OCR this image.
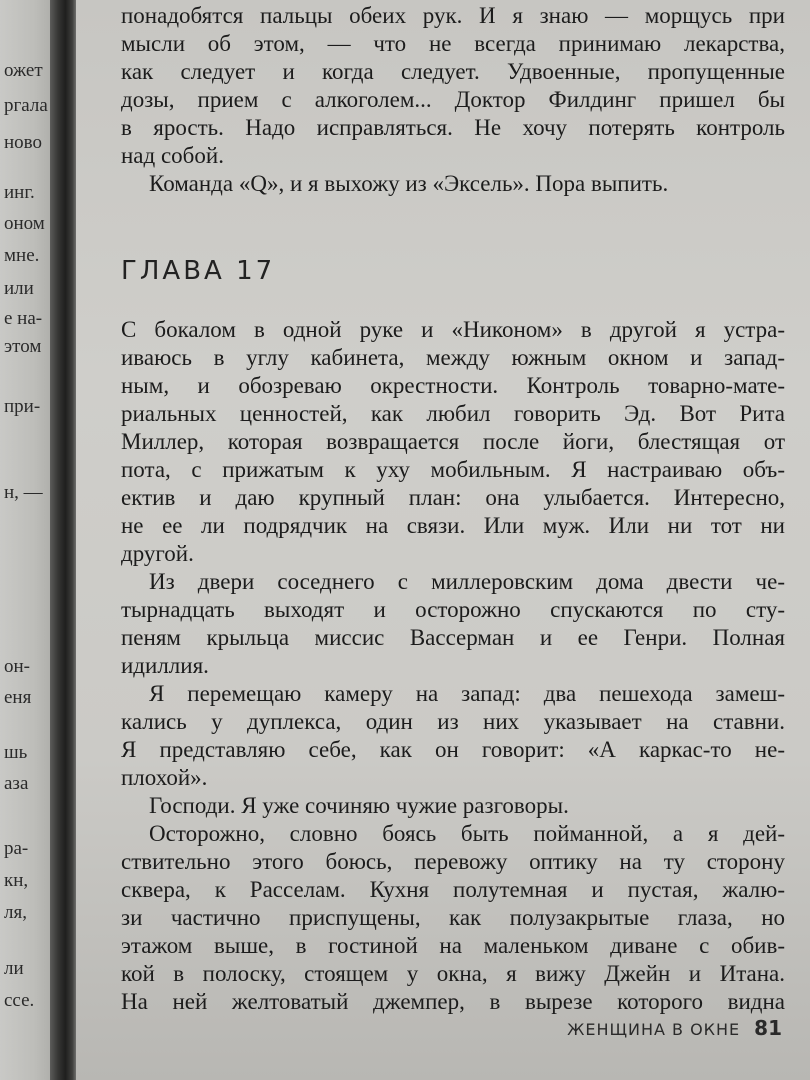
ожет
ргала
ново
инг.
оном
мне.
или
е на-
этом
при-
н, —
он-
еня
шь
аза
ра-
кн,
ля,
ли
ссе.
понадобятся пальцы обеих рук. И я знаю — морщусь при
мысли об этом, — что не всегда принимаю лекарства,
как следует и когда следует. Удвоенные, пропущенные
дозы, прием с алкоголем... Доктор Филдинг пришел бы
в ярость. Надо исправляться. Не хочу потерять контроль
над собой.
Команда «Q», и я выхожу из «Эксель». Пора выпить.
ГЛАВА 17
С бокалом в одной руке и «Никоном» в другой я устра-
иваюсь в углу кабинета, между южным окном и запад-
ным, и обозреваю окрестности. Контроль товарно-мате-
риальных ценностей, как любил говорить Эд. Вот Рита
Миллер, которая возвращается после йоги, блестящая от
пота, с прижатым к уху мобильным. Я настраиваю объ-
ектив и даю крупный план: она улыбается. Интересно,
не ее ли подрядчик на связи. Или муж. Или ни тот ни
другой.
Из двери соседнего с миллеровским дома двести че-
тырнадцать выходят и осторожно спускаются по сту-
пеням крыльца миссис Вассерман и ее Генри. Полная
идиллия.
Я перемещаю камеру на запад: два пешехода замеш-
кались у дуплекса, один из них указывает на ставни.
Я представляю себе, как он говорит: «А каркас-то не-
плохой».
Господи. Я уже сочиняю чужие разговоры.
Осторожно, словно боясь быть пойманной, а я дей-
ствительно этого боюсь, перевожу оптику на ту сторону
сквера, к Расселам. Кухня полутемная и пустая, жалю-
зи частично приспущены, как полузакрытые глаза, но
этажом выше, в гостиной на маленьком диване с обив-
кой в полоску, стоящем у окна, я вижу Джейн и Итана.
На ней желтоватый джемпер, в вырезе которого видна
ЖЕНЩИНА В ОКНЕ 81
